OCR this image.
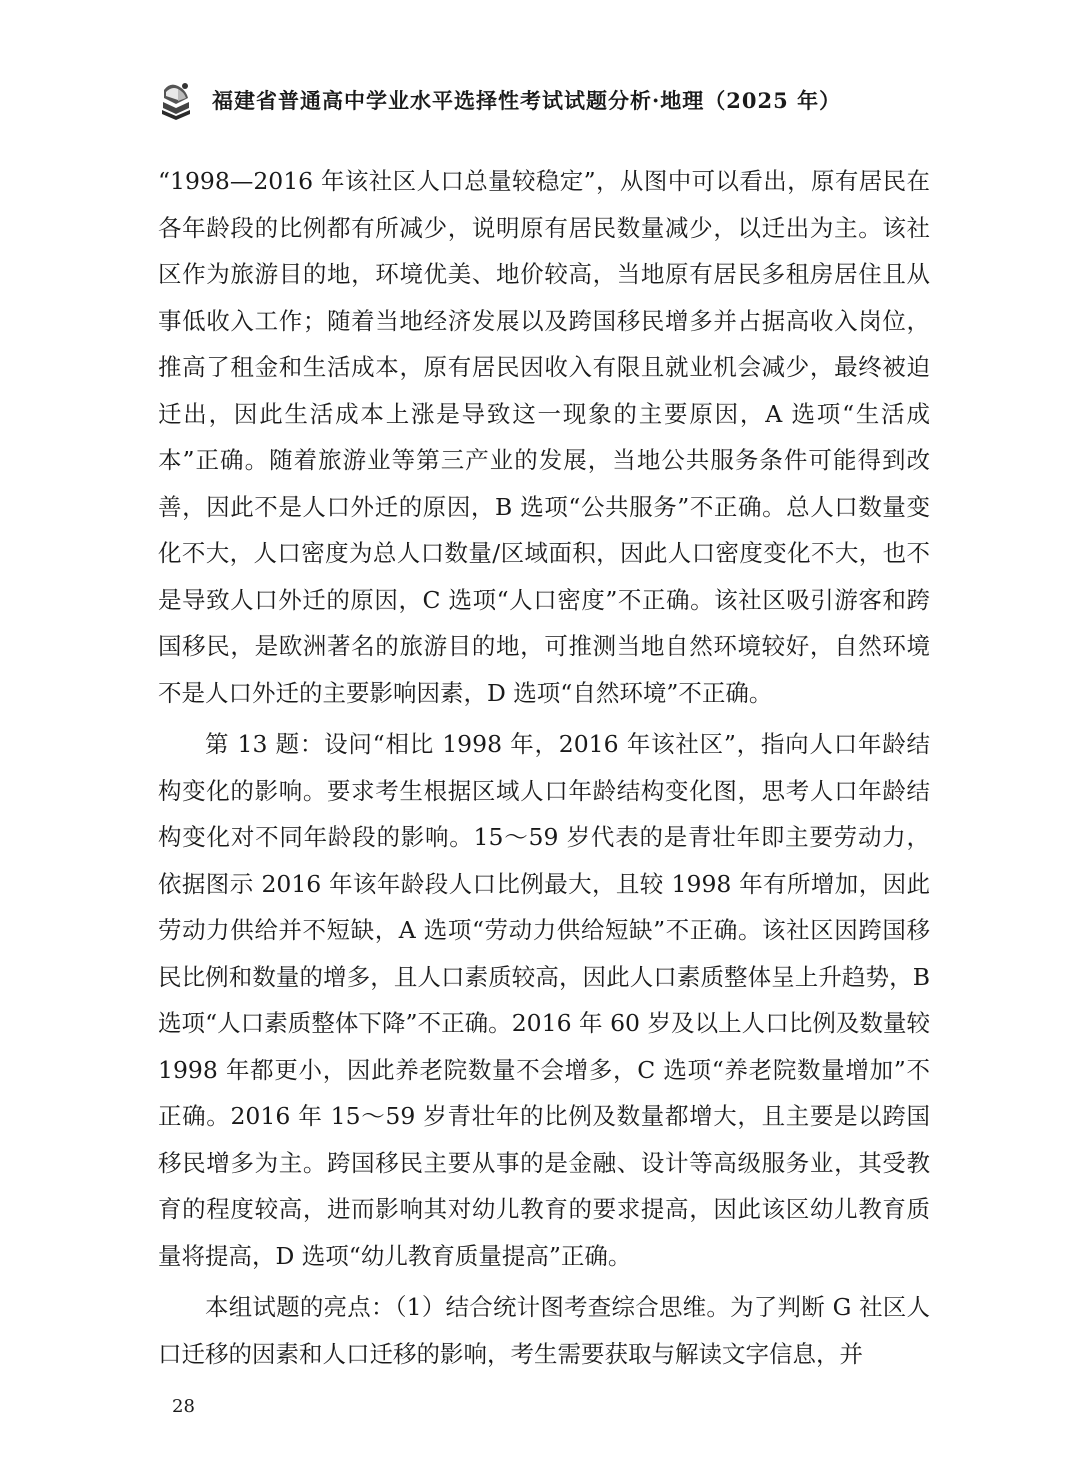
福建省普通高中学业水平选择性考试试题分析·地理（2025 年）

“1998—2016 年该社区人口总量较稳定”，从图中可以看出，原有居民在各年龄段的比例都有所减少，说明原有居民数量减少，以迁出为主。该社区作为旅游目的地，环境优美、地价较高，当地原有居民多租房居住且从事低收入工作；随着当地经济发展以及跨国移民增多并占据高收入岗位，推高了租金和生活成本，原有居民因收入有限且就业机会减少，最终被迫迁出，因此生活成本上涨是导致这一现象的主要原因，A 选项“生活成本”正确。随着旅游业等第三产业的发展，当地公共服务条件可能得到改善，因此不是人口外迁的原因，B 选项“公共服务”不正确。总人口数量变化不大，人口密度为总人口数量/区域面积，因此人口密度变化不大，也不是导致人口外迁的原因，C 选项“人口密度”不正确。该社区吸引游客和跨国移民，是欧洲著名的旅游目的地，可推测当地自然环境较好，自然环境不是人口外迁的主要影响因素，D 选项“自然环境”不正确。

第 13 题：设问“相比 1998 年，2016 年该社区”，指向人口年龄结构变化的影响。要求考生根据区域人口年龄结构变化图，思考人口年龄结构变化对不同年龄段的影响。15～59 岁代表的是青壮年即主要劳动力，依据图示 2016 年该年龄段人口比例最大，且较 1998 年有所增加，因此劳动力供给并不短缺，A 选项“劳动力供给短缺”不正确。该社区因跨国移民比例和数量的增多，且人口素质较高，因此人口素质整体呈上升趋势，B 选项“人口素质整体下降”不正确。2016 年 60 岁及以上人口比例及数量较 1998 年都更小，因此养老院数量不会增多，C 选项“养老院数量增加”不正确。2016 年 15～59 岁青壮年的比例及数量都增大，且主要是以跨国移民增多为主。跨国移民主要从事的是金融、设计等高级服务业，其受教育的程度较高，进而影响其对幼儿教育的要求提高，因此该区幼儿教育质量将提高，D 选项“幼儿教育质量提高”正确。

本组试题的亮点：（1）结合统计图考查综合思维。为了判断 G 社区人口迁移的因素和人口迁移的影响，考生需要获取与解读文字信息，并

28
